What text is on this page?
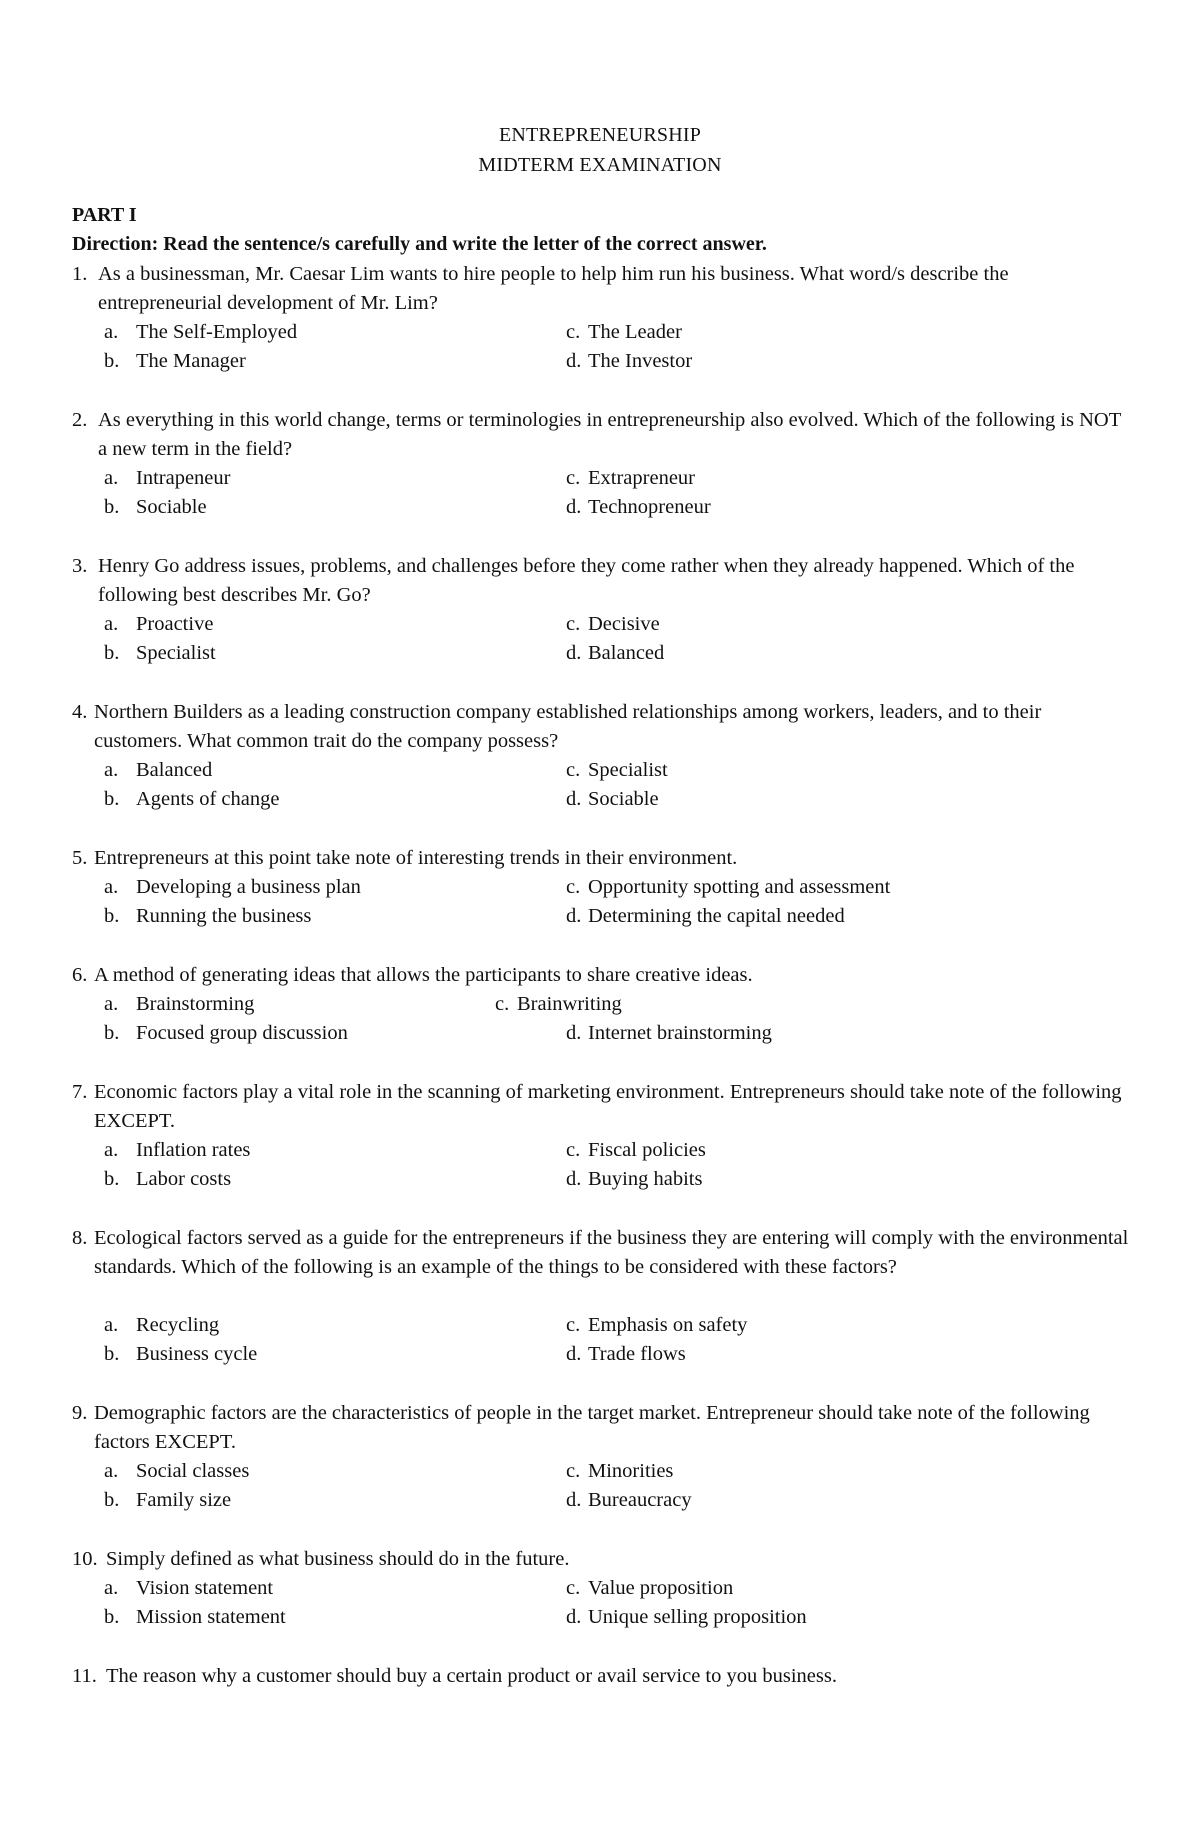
ENTREPRENEURSHIP
MIDTERM EXAMINATION
PART I
Direction: Read the sentence/s carefully and write the letter of the correct answer.
1. As a businessman, Mr. Caesar Lim wants to hire people to help him run his business. What word/s describe the entrepreneurial development of Mr. Lim?
a. The Self-Employed
b. The Manager
c. The Leader
d. The Investor
2. As everything in this world change, terms or terminologies in entrepreneurship also evolved. Which of the following is NOT a new term in the field?
a. Intrapeneur
b. Sociable
c. Extrapreneur
d. Technopreneur
3. Henry Go address issues, problems, and challenges before they come rather when they already happened. Which of the following best describes Mr. Go?
a. Proactive
b. Specialist
c. Decisive
d. Balanced
4. Northern Builders as a leading construction company established relationships among workers, leaders, and to their customers. What common trait do the company possess?
a. Balanced
b. Agents of change
c. Specialist
d. Sociable
5. Entrepreneurs at this point take note of interesting trends in their environment.
a. Developing a business plan
b. Running the business
c. Opportunity spotting and assessment
d. Determining the capital needed
6. A method of generating ideas that allows the participants to share creative ideas.
a. Brainstorming
b. Focused group discussion
c. Brainwriting
d. Internet brainstorming
7. Economic factors play a vital role in the scanning of marketing environment. Entrepreneurs should take note of the following EXCEPT.
a. Inflation rates
b. Labor costs
c. Fiscal policies
d. Buying habits
8. Ecological factors served as a guide for the entrepreneurs if the business they are entering will comply with the environmental standards. Which of the following is an example of the things to be considered with these factors?
a. Recycling
b. Business cycle
c. Emphasis on safety
d. Trade flows
9. Demographic factors are the characteristics of people in the target market. Entrepreneur should take note of the following factors EXCEPT.
a. Social classes
b. Family size
c. Minorities
d. Bureaucracy
10. Simply defined as what business should do in the future.
a. Vision statement
b. Mission statement
c. Value proposition
d. Unique selling proposition
11. The reason why a customer should buy a certain product or avail service to you business.
